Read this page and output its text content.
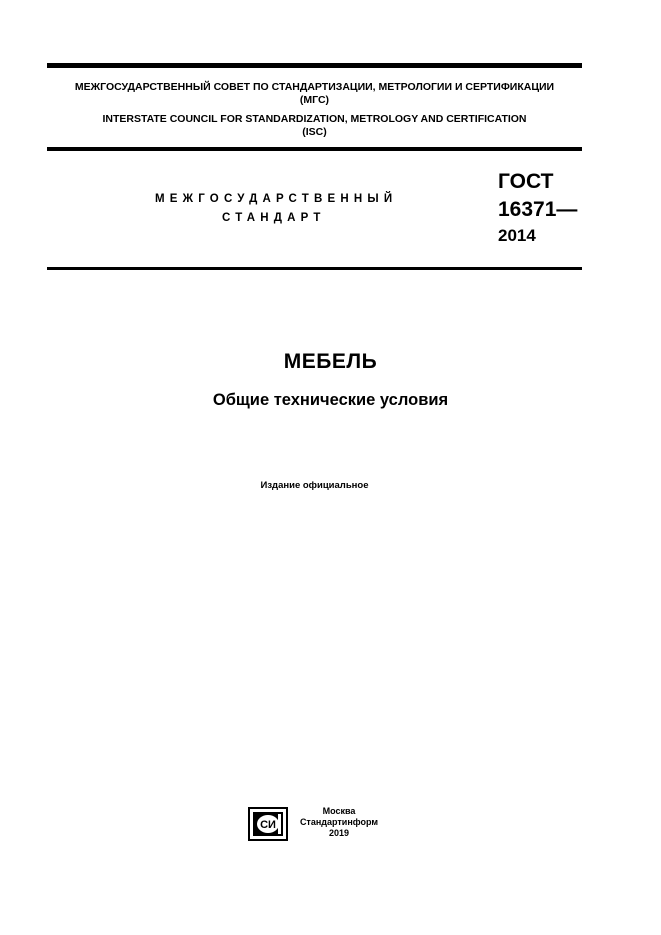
МЕЖГОСУДАРСТВЕННЫЙ СОВЕТ ПО СТАНДАРТИЗАЦИИ, МЕТРОЛОГИИ И СЕРТИФИКАЦИИ
(МГС)
INTERSTATE COUNCIL FOR STANDARDIZATION, METROLOGY AND CERTIFICATION
(ISC)
МЕЖГОСУДАРСТВЕННЫЙ
СТАНДАРТ
ГОСТ
16371—
2014
МЕБЕЛЬ
Общие технические условия
Издание официальное
СИ
Москва
Стандартинформ
2019
